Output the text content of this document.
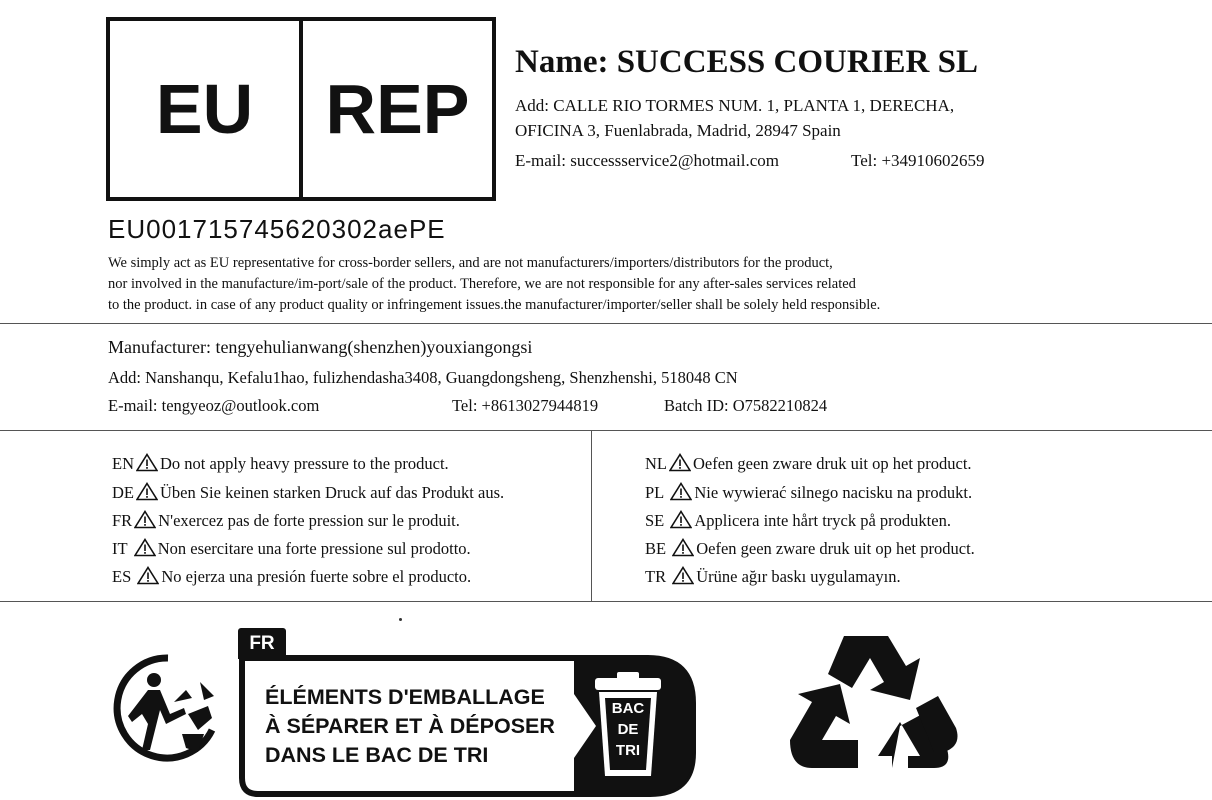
EU	REP
Name: SUCCESS COURIER SL
Add: CALLE RIO TORMES NUM. 1, PLANTA 1, DERECHA,
OFICINA 3, Fuenlabrada, Madrid, 28947 Spain
E-mail: successservice2@hotmail.com	Tel: +34910602659
EU001715745620302aePE
We simply act as EU representative for cross-border sellers, and are not manufacturers/importers/distributors for the product,
nor involved in the manufacture/im-port/sale of the product. Therefore, we are not responsible for any after-sales services related
to the product. in case of any product quality or infringement issues.the manufacturer/importer/seller shall be solely held responsible.
Manufacturer: tengyehulianwang(shenzhen)youxiangongsi
Add: Nanshanqu, Kefalu1hao, fulizhendasha3408, Guangdongsheng, Shenzhenshi, 518048 CN
E-mail: tengyeoz@outlook.com	Tel: +8613027944819	Batch ID: O7582210824
EN Do not apply heavy pressure to the product.
DE Üben Sie keinen starken Druck auf das Produkt aus.
FR N'exercez pas de forte pression sur le produit.
IT Non esercitare una forte pressione sul prodotto.
ES No ejerza una presión fuerte sobre el producto.
NL Oefen geen zware druk uit op het product.
PL Nie wywierać silnego nacisku na produkt.
SE Applicera inte hårt tryck på produkten.
BE Oefen geen zware druk uit op het product.
TR Ürüne ağır baskı uygulamayın.
FR
ÉLÉMENTS D'EMBALLAGE
À SÉPARER ET À DÉPOSER
DANS LE BAC DE TRI
BAC
DE
TRI
